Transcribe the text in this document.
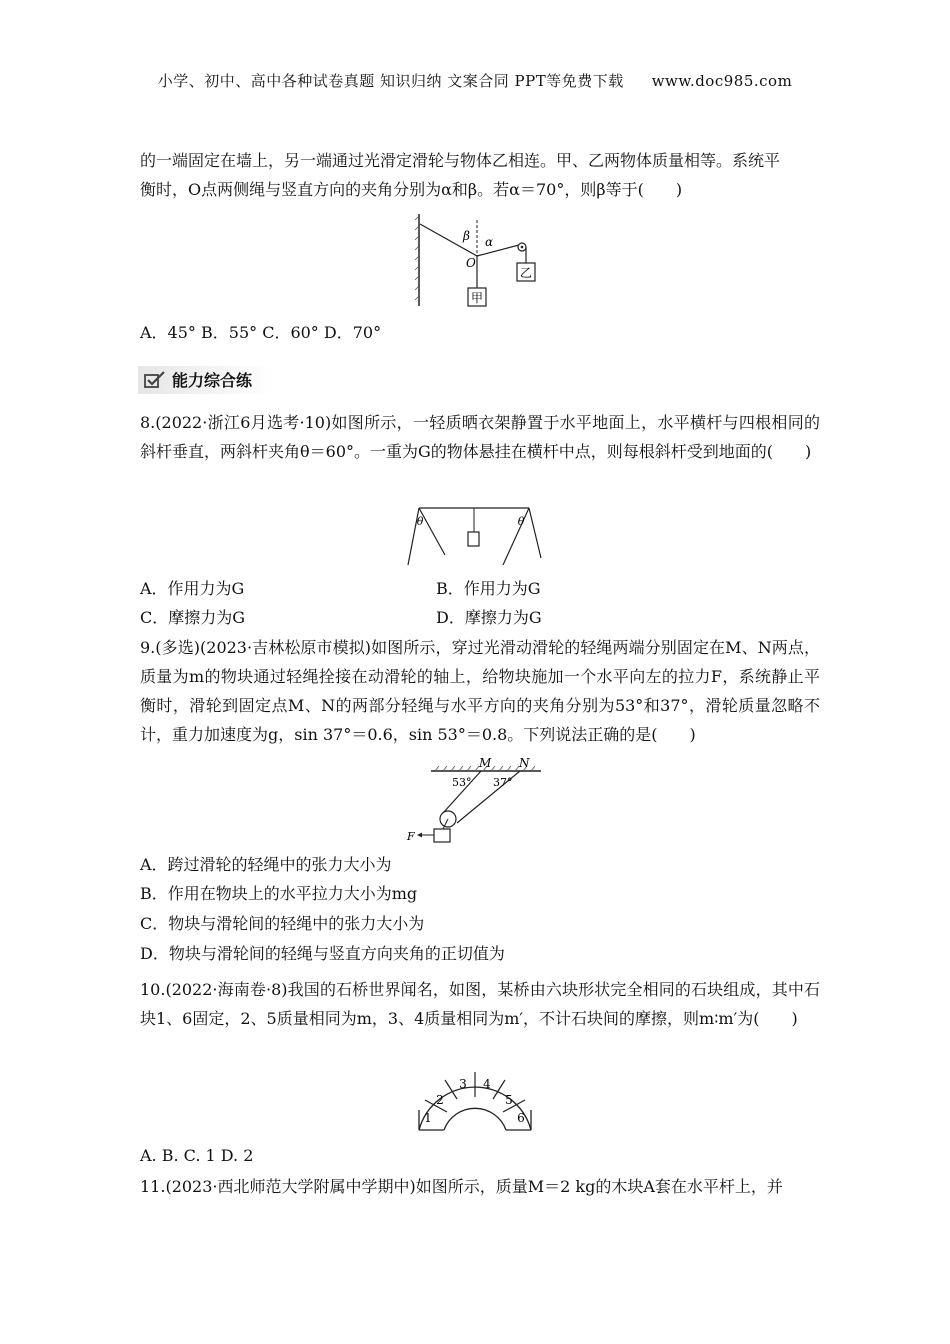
小学、初中、高中各种试卷真题 知识归纳 文案合同 PPT等免费下载 www.doc985.com
的一端固定在墙上，另一端通过光滑定滑轮与物体乙相连。甲、乙两物体质量相等。系统平
衡时，O点两侧绳与竖直方向的夹角分别为α和β。若α＝70°，则β等于(　　)
乙
甲
β α
O
A．45° B．55° C．60° D．70°
能力综合练
8.(2022·浙江6月选考·10)如图所示，一轻质晒衣架静置于水平地面上，水平横杆与四根相同的斜杆垂直，两斜杆夹角θ＝60°。一重为G的物体悬挂在横杆中点，则每根斜杆受到地面的(　　)
θ	θ
A．作用力为G	B．作用力为G
C．摩擦力为G	D．摩擦力为G
9.(多选)(2023·吉林松原市模拟)如图所示，穿过光滑动滑轮的轻绳两端分别固定在M、N两点，质量为m的物块通过轻绳拴接在动滑轮的轴上，给物块施加一个水平向左的拉力F，系统静止平衡时，滑轮到固定点M、N的两部分轻绳与水平方向的夹角分别为53°和37°，滑轮质量忽略不计，重力加速度为g，sin 37°＝0.6，sin 53°＝0.8。下列说法正确的是(　　)
M N
53° 37°
F
A．跨过滑轮的轻绳中的张力大小为
B．作用在物块上的水平拉力大小为mg
C．物块与滑轮间的轻绳中的张力大小为
D．物块与滑轮间的轻绳与竖直方向夹角的正切值为
10.(2022·海南卷·8)我国的石桥世界闻名，如图，某桥由六块形状完全相同的石块组成，其中石块1、6固定，2、5质量相同为m，3、4质量相同为m′，不计石块间的摩擦，则m∶m′为(　　)
1
2
3 4
5
6
A. B. C. 1 D. 2
11.(2023·西北师范大学附属中学期中)如图所示，质量M＝2 kg的木块A套在水平杆上，并
